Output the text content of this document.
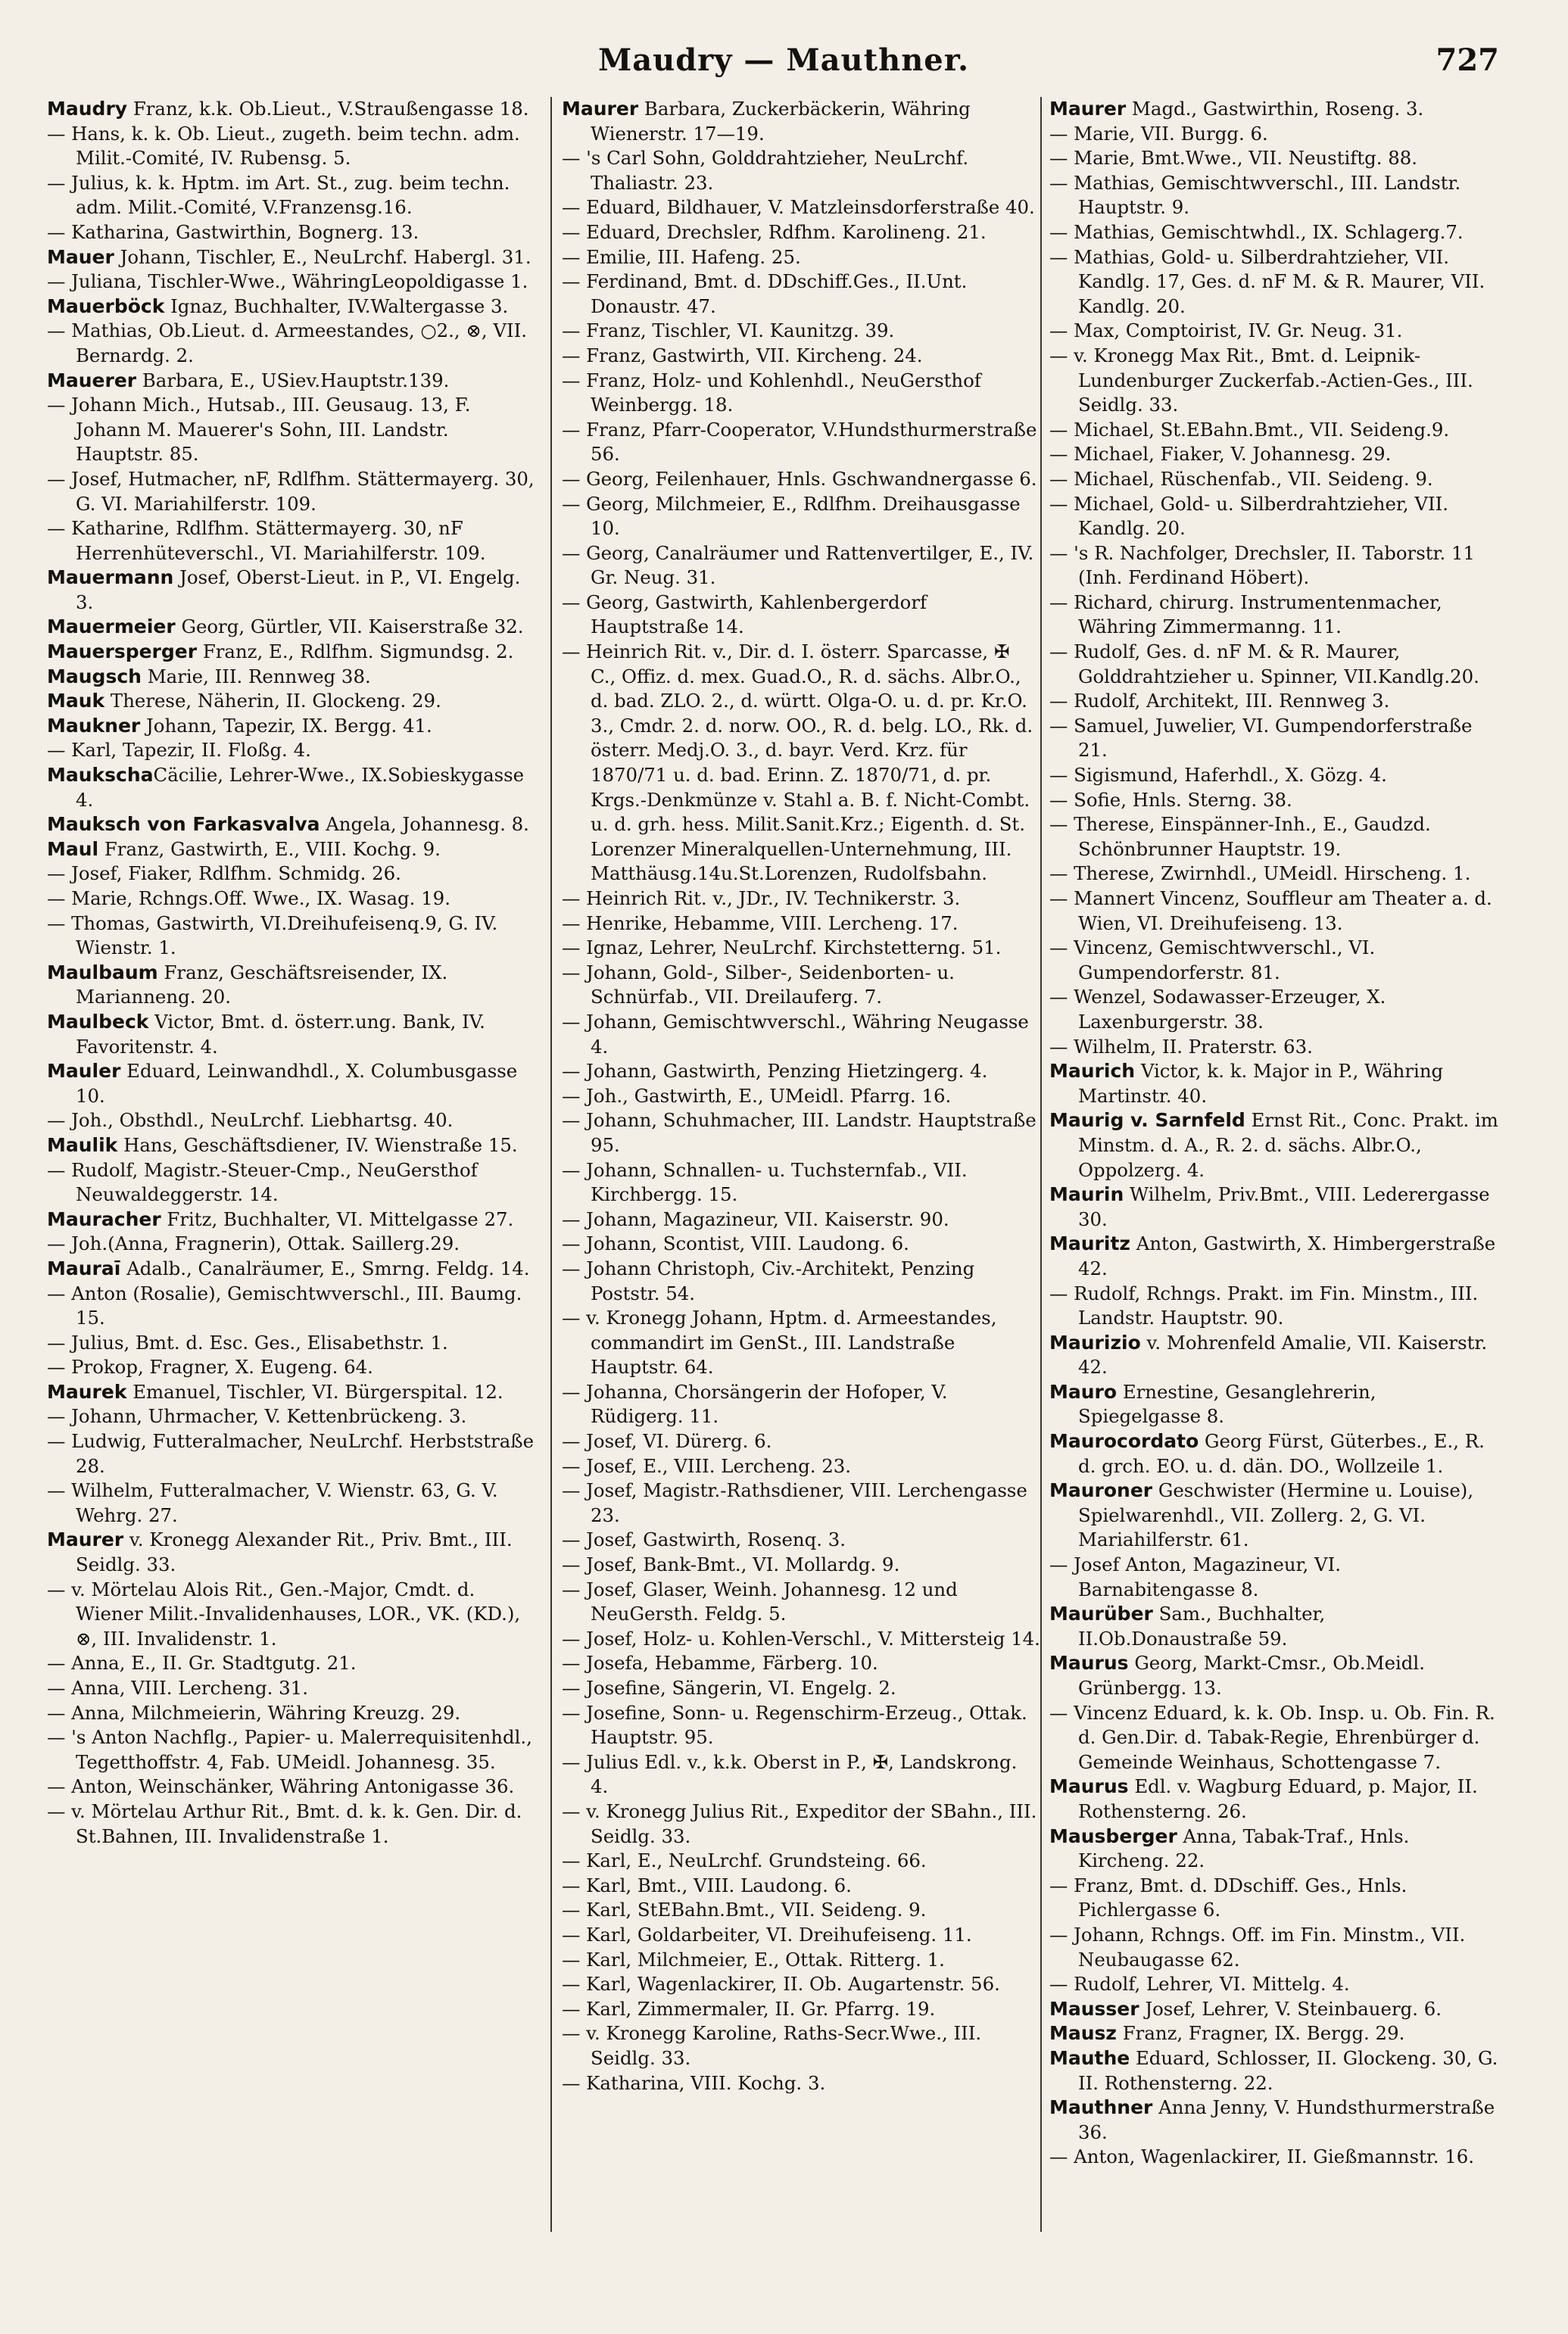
Maudry — Mauthner.	727
Maudry Franz, k.k. Ob.Lieut., V.Straußengasse 18.
— Hans, k. k. Ob. Lieut., zugeth. beim techn. adm. Milit.-Comité, IV. Rubensg. 5.
— Julius, k. k. Hptm. im Art. St., zug. beim techn. adm. Milit.-Comité, V.Franzensg.16.
— Katharina, Gastwirthin, Bognerg. 13.
Mauer Johann, Tischler, E., NeuLrchf. Habergl. 31.
— Juliana, Tischler-Wwe., WähringLeopoldigasse 1.
Mauerböck Ignaz, Buchhalter, IV.Waltergasse 3.
— Mathias, Ob.Lieut. d. Armeestandes, ○2., ⊗, VII. Bernardg. 2.
Mauerer Barbara, E., USiev.Hauptstr.139.
— Johann Mich., Hutsab., III. Geusaug. 13, F. Johann M. Mauerer's Sohn, III. Landstr. Hauptstr. 85.
— Josef, Hutmacher, nF, Rdlfhm. Stättermayerg. 30, G. VI. Mariahilferstr. 109.
— Katharine, Rdlfhm. Stättermayerg. 30, nF Herrenhüteverschl., VI. Mariahilferstr. 109.
Mauermann Josef, Oberst-Lieut. in P., VI. Engelg. 3.
Mauermeier Georg, Gürtler, VII. Kaiserstraße 32.
Mauersperger Franz, E., Rdlfhm. Sigmundsg. 2.
Maugsch Marie, III. Rennweg 38.
Mauk Therese, Näherin, II. Glockeng. 29.
Maukner Johann, Tapezir, IX. Bergg. 41.
— Karl, Tapezir, II. Floßg. 4.
MaukschaCäcilie, Lehrer-Wwe., IX.Sobieskygasse 4.
Mauksch von Farkasvalva Angela, Johannesg. 8.
Maul Franz, Gastwirth, E., VIII. Kochg. 9.
— Josef, Fiaker, Rdlfhm. Schmidg. 26.
— Marie, Rchngs.Off. Wwe., IX. Wasag. 19.
— Thomas, Gastwirth, VI.Dreihufeisenq.9, G. IV. Wienstr. 1.
Maulbaum Franz, Geschäftsreisender, IX. Marianneng. 20.
Maulbeck Victor, Bmt. d. österr.ung. Bank, IV. Favoritenstr. 4.
Mauler Eduard, Leinwandhdl., X. Columbusgasse 10.
— Joh., Obsthdl., NeuLrchf. Liebhartsg. 40.
Maulik Hans, Geschäftsdiener, IV. Wienstraße 15.
— Rudolf, Magistr.-Steuer-Cmp., NeuGersthof Neuwaldeggerstr. 14.
Mauracher Fritz, Buchhalter, VI. Mittelgasse 27.
— Joh.(Anna, Fragnerin), Ottak. Saillerg.29.
Mauraī Adalb., Canalräumer, E., Smrng. Feldg. 14.
— Anton (Rosalie), Gemischtwverschl., III. Baumg. 15.
— Julius, Bmt. d. Esc. Ges., Elisabethstr. 1.
— Prokop, Fragner, X. Eugeng. 64.
Maurek Emanuel, Tischler, VI. Bürgerspital. 12.
— Johann, Uhrmacher, V. Kettenbrückeng. 3.
— Ludwig, Futteralmacher, NeuLrchf. Herbststraße 28.
— Wilhelm, Futteralmacher, V. Wienstr. 63, G. V. Wehrg. 27.
Maurer v. Kronegg Alexander Rit., Priv. Bmt., III. Seidlg. 33.
— v. Mörtelau Alois Rit., Gen.-Major, Cmdt. d. Wiener Milit.-Invalidenhauses, LOR., VK. (KD.), ⊗, III. Invalidenstr. 1.
— Anna, E., II. Gr. Stadtgutg. 21.
— Anna, VIII. Lercheng. 31.
— Anna, Milchmeierin, Währing Kreuzg. 29.
— 's Anton Nachflg., Papier- u. Malerrequisitenhdl., Tegetthoffstr. 4, Fab. UMeidl. Johannesg. 35.
— Anton, Weinschänker, Währing Antonigasse 36.
— v. Mörtelau Arthur Rit., Bmt. d. k. k. Gen. Dir. d. St.Bahnen, III. Invalidenstraße 1.
Maurer Barbara, Zuckerbäckerin, Währing Wienerstr. 17—19.
— 's Carl Sohn, Golddrahtzieher, NeuLrchf. Thaliastr. 23.
— Eduard, Bildhauer, V. Matzleinsdorferstraße 40.
— Eduard, Drechsler, Rdfhm. Karolineng. 21.
— Emilie, III. Hafeng. 25.
— Ferdinand, Bmt. d. DDschiff.Ges., II.Unt. Donaustr. 47.
— Franz, Tischler, VI. Kaunitzg. 39.
— Franz, Gastwirth, VII. Kircheng. 24.
— Franz, Holz- und Kohlenhdl., NeuGersthof Weinbergg. 18.
— Franz, Pfarr-Cooperator, V.Hundsthurmerstraße 56.
— Georg, Feilenhauer, Hnls. Gschwandnergasse 6.
— Georg, Milchmeier, E., Rdlfhm. Dreihausgasse 10.
— Georg, Canalräumer und Rattenvertilger, E., IV. Gr. Neug. 31.
— Georg, Gastwirth, Kahlenbergerdorf Hauptstraße 14.
— Heinrich Rit. v., Dir. d. I. österr. Sparcasse, ✠ C., Offiz. d. mex. Guad.O., R. d. sächs. Albr.O., d. bad. ZLO. 2., d. württ. Olga-O. u. d. pr. Kr.O. 3., Cmdr. 2. d. norw. OO., R. d. belg. LO., Rk. d. österr. Medj.O. 3., d. bayr. Verd. Krz. für 1870/71 u. d. bad. Erinn. Z. 1870/71, d. pr. Krgs.-Denkmünze v. Stahl a. B. f. Nicht-Combt. u. d. grh. hess. Milit.Sanit.Krz.; Eigenth. d. St. Lorenzer Mineralquellen-Unternehmung, III. Matthäusg.14u.St.Lorenzen, Rudolfsbahn.
— Heinrich Rit. v., JDr., IV. Technikerstr. 3.
— Henrike, Hebamme, VIII. Lercheng. 17.
— Ignaz, Lehrer, NeuLrchf. Kirchstetterng. 51.
— Johann, Gold-, Silber-, Seidenborten- u. Schnürfab., VII. Dreilauferg. 7.
— Johann, Gemischtwverschl., Währing Neugasse 4.
— Johann, Gastwirth, Penzing Hietzingerg. 4.
— Joh., Gastwirth, E., UMeidl. Pfarrg. 16.
— Johann, Schuhmacher, III. Landstr. Hauptstraße 95.
— Johann, Schnallen- u. Tuchsternfab., VII. Kirchbergg. 15.
— Johann, Magazineur, VII. Kaiserstr. 90.
— Johann, Scontist, VIII. Laudong. 6.
— Johann Christoph, Civ.-Architekt, Penzing Poststr. 54.
— v. Kronegg Johann, Hptm. d. Armeestandes, commandirt im GenSt., III. Landstraße Hauptstr. 64.
— Johanna, Chorsängerin der Hofoper, V. Rüdigerg. 11.
— Josef, VI. Dürerg. 6.
— Josef, E., VIII. Lercheng. 23.
— Josef, Magistr.-Rathsdiener, VIII. Lerchengasse 23.
— Josef, Gastwirth, Rosenq. 3.
— Josef, Bank-Bmt., VI. Mollardg. 9.
— Josef, Glaser, Weinh. Johannesg. 12 und NeuGersth. Feldg. 5.
— Josef, Holz- u. Kohlen-Verschl., V. Mittersteig 14.
— Josefa, Hebamme, Färberg. 10.
— Josefine, Sängerin, VI. Engelg. 2.
— Josefine, Sonn- u. Regenschirm-Erzeug., Ottak. Hauptstr. 95.
— Julius Edl. v., k.k. Oberst in P., ✠, Landskrong. 4.
— v. Kronegg Julius Rit., Expeditor der SBahn., III. Seidlg. 33.
— Karl, E., NeuLrchf. Grundsteing. 66.
— Karl, Bmt., VIII. Laudong. 6.
— Karl, StEBahn.Bmt., VII. Seideng. 9.
— Karl, Goldarbeiter, VI. Dreihufeiseng. 11.
— Karl, Milchmeier, E., Ottak. Ritterg. 1.
— Karl, Wagenlackirer, II. Ob. Augartenstr. 56.
— Karl, Zimmermaler, II. Gr. Pfarrg. 19.
— v. Kronegg Karoline, Raths-Secr.Wwe., III. Seidlg. 33.
— Katharina, VIII. Kochg. 3.
Maurer Magd., Gastwirthin, Roseng. 3.
— Marie, VII. Burgg. 6.
— Marie, Bmt.Wwe., VII. Neustiftg. 88.
— Mathias, Gemischtwverschl., III. Landstr. Hauptstr. 9.
— Mathias, Gemischtwhdl., IX. Schlagerg.7.
— Mathias, Gold- u. Silberdrahtzieher, VII. Kandlg. 17, Ges. d. nF M. & R. Maurer, VII. Kandlg. 20.
— Max, Comptoirist, IV. Gr. Neug. 31.
— v. Kronegg Max Rit., Bmt. d. Leipnik-Lundenburger Zuckerfab.-Actien-Ges., III. Seidlg. 33.
— Michael, St.EBahn.Bmt., VII. Seideng.9.
— Michael, Fiaker, V. Johannesg. 29.
— Michael, Rüschenfab., VII. Seideng. 9.
— Michael, Gold- u. Silberdrahtzieher, VII. Kandlg. 20.
— 's R. Nachfolger, Drechsler, II. Taborstr. 11 (Inh. Ferdinand Höbert).
— Richard, chirurg. Instrumentenmacher, Währing Zimmermanng. 11.
— Rudolf, Ges. d. nF M. & R. Maurer, Golddrahtzieher u. Spinner, VII.Kandlg.20.
— Rudolf, Architekt, III. Rennweg 3.
— Samuel, Juwelier, VI. Gumpendorferstraße 21.
— Sigismund, Haferhdl., X. Gözg. 4.
— Sofie, Hnls. Sterng. 38.
— Therese, Einspänner-Inh., E., Gaudzd. Schönbrunner Hauptstr. 19.
— Therese, Zwirnhdl., UMeidl. Hirscheng. 1.
— Mannert Vincenz, Souffleur am Theater a. d. Wien, VI. Dreihufeiseng. 13.
— Vincenz, Gemischtwverschl., VI. Gumpendorferstr. 81.
— Wenzel, Sodawasser-Erzeuger, X. Laxenburgerstr. 38.
— Wilhelm, II. Praterstr. 63.
Maurich Victor, k. k. Major in P., Währing Martinstr. 40.
Maurig v. Sarnfeld Ernst Rit., Conc. Prakt. im Minstm. d. A., R. 2. d. sächs. Albr.O., Oppolzerg. 4.
Maurin Wilhelm, Priv.Bmt., VIII. Lederergasse 30.
Mauritz Anton, Gastwirth, X. Himbergerstraße 42.
— Rudolf, Rchngs. Prakt. im Fin. Minstm., III. Landstr. Hauptstr. 90.
Maurizio v. Mohrenfeld Amalie, VII. Kaiserstr. 42.
Mauro Ernestine, Gesanglehrerin, Spiegelgasse 8.
Maurocordato Georg Fürst, Güterbes., E., R. d. grch. EO. u. d. dän. DO., Wollzeile 1.
Mauroner Geschwister (Hermine u. Louise), Spielwarenhdl., VII. Zollerg. 2, G. VI. Mariahilferstr. 61.
— Josef Anton, Magazineur, VI. Barnabitengasse 8.
Maurüber Sam., Buchhalter, II.Ob.Donaustraße 59.
Maurus Georg, Markt-Cmsr., Ob.Meidl. Grünbergg. 13.
— Vincenz Eduard, k. k. Ob. Insp. u. Ob. Fin. R. d. Gen.Dir. d. Tabak-Regie, Ehrenbürger d. Gemeinde Weinhaus, Schottengasse 7.
Maurus Edl. v. Wagburg Eduard, p. Major, II. Rothensterng. 26.
Mausberger Anna, Tabak-Traf., Hnls. Kircheng. 22.
— Franz, Bmt. d. DDschiff. Ges., Hnls. Pichlergasse 6.
— Johann, Rchngs. Off. im Fin. Minstm., VII. Neubaugasse 62.
— Rudolf, Lehrer, VI. Mittelg. 4.
Mausser Josef, Lehrer, V. Steinbauerg. 6.
Mausz Franz, Fragner, IX. Bergg. 29.
Mauthe Eduard, Schlosser, II. Glockeng. 30, G. II. Rothensterng. 22.
Mauthner Anna Jenny, V. Hundsthurmerstraße 36.
— Anton, Wagenlackirer, II. Gießmannstr. 16.
